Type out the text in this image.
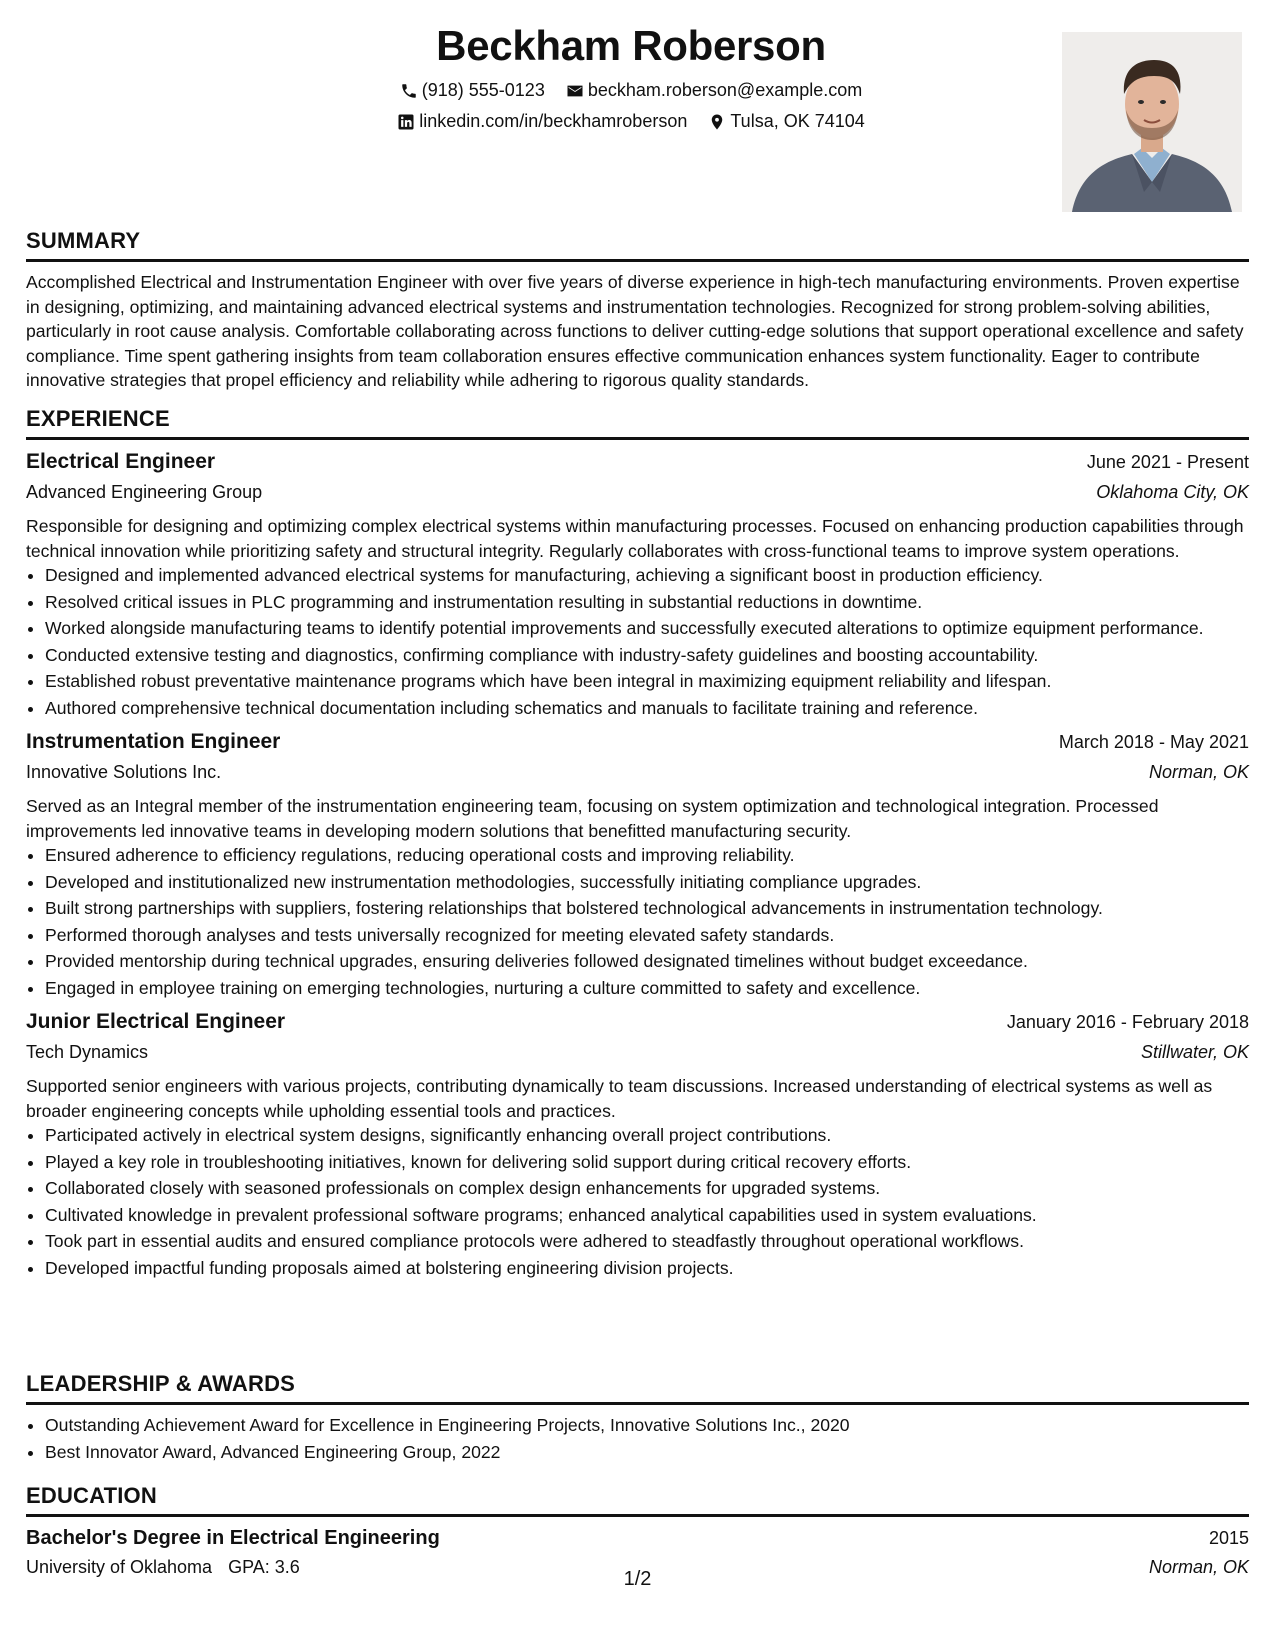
Beckham Roberson
(918) 555-0123
beckham.roberson@example.com
linkedin.com/in/beckhamroberson
Tulsa, OK 74104
SUMMARY

Accomplished Electrical and Instrumentation Engineer with over five years of diverse experience in high-tech manufacturing environments. Proven expertise in designing, optimizing, and maintaining advanced electrical systems and instrumentation technologies. Recognized for strong problem-solving abilities, particularly in root cause analysis. Comfortable collaborating across functions to deliver cutting-edge solutions that support operational excellence and safety compliance. Time spent gathering insights from team collaboration ensures effective communication enhances system functionality. Eager to contribute innovative strategies that propel efficiency and reliability while adhering to rigorous quality standards.

EXPERIENCE
Electrical Engineer	June 2021 - Present
Advanced Engineering Group	Oklahoma City, OK

Responsible for designing and optimizing complex electrical systems within manufacturing processes. Focused on enhancing production capabilities through technical innovation while prioritizing safety and structural integrity. Regularly collaborates with cross-functional teams to improve system operations.

• Designed and implemented advanced electrical systems for manufacturing, achieving a significant boost in production efficiency.
• Resolved critical issues in PLC programming and instrumentation resulting in substantial reductions in downtime.
• Worked alongside manufacturing teams to identify potential improvements and successfully executed alterations to optimize equipment performance.
• Conducted extensive testing and diagnostics, confirming compliance with industry-safety guidelines and boosting accountability.
• Established robust preventative maintenance programs which have been integral in maximizing equipment reliability and lifespan.
• Authored comprehensive technical documentation including schematics and manuals to facilitate training and reference.
Instrumentation Engineer	March 2018 - May 2021
Innovative Solutions Inc.	Norman, OK

Served as an Integral member of the instrumentation engineering team, focusing on system optimization and technological integration. Processed improvements led innovative teams in developing modern solutions that benefitted manufacturing security.

• Ensured adherence to efficiency regulations, reducing operational costs and improving reliability.
• Developed and institutionalized new instrumentation methodologies, successfully initiating compliance upgrades.
• Built strong partnerships with suppliers, fostering relationships that bolstered technological advancements in instrumentation technology.
• Performed thorough analyses and tests universally recognized for meeting elevated safety standards.
• Provided mentorship during technical upgrades, ensuring deliveries followed designated timelines without budget exceedance.
• Engaged in employee training on emerging technologies, nurturing a culture committed to safety and excellence.
Junior Electrical Engineer	January 2016 - February 2018
Tech Dynamics	Stillwater, OK

Supported senior engineers with various projects, contributing dynamically to team discussions. Increased understanding of electrical systems as well as broader engineering concepts while upholding essential tools and practices.

• Participated actively in electrical system designs, significantly enhancing overall project contributions.
• Played a key role in troubleshooting initiatives, known for delivering solid support during critical recovery efforts.
• Collaborated closely with seasoned professionals on complex design enhancements for upgraded systems.
• Cultivated knowledge in prevalent professional software programs; enhanced analytical capabilities used in system evaluations.
• Took part in essential audits and ensured compliance protocols were adhered to steadfastly throughout operational workflows.
• Developed impactful funding proposals aimed at bolstering engineering division projects.
LEADERSHIP & AWARDS
• Outstanding Achievement Award for Excellence in Engineering Projects, Innovative Solutions Inc., 2020
• Best Innovator Award, Advanced Engineering Group, 2022
EDUCATION
Bachelor's Degree in Electrical Engineering	2015
University of Oklahoma GPA: 3.6	Norman, OK
1/2
